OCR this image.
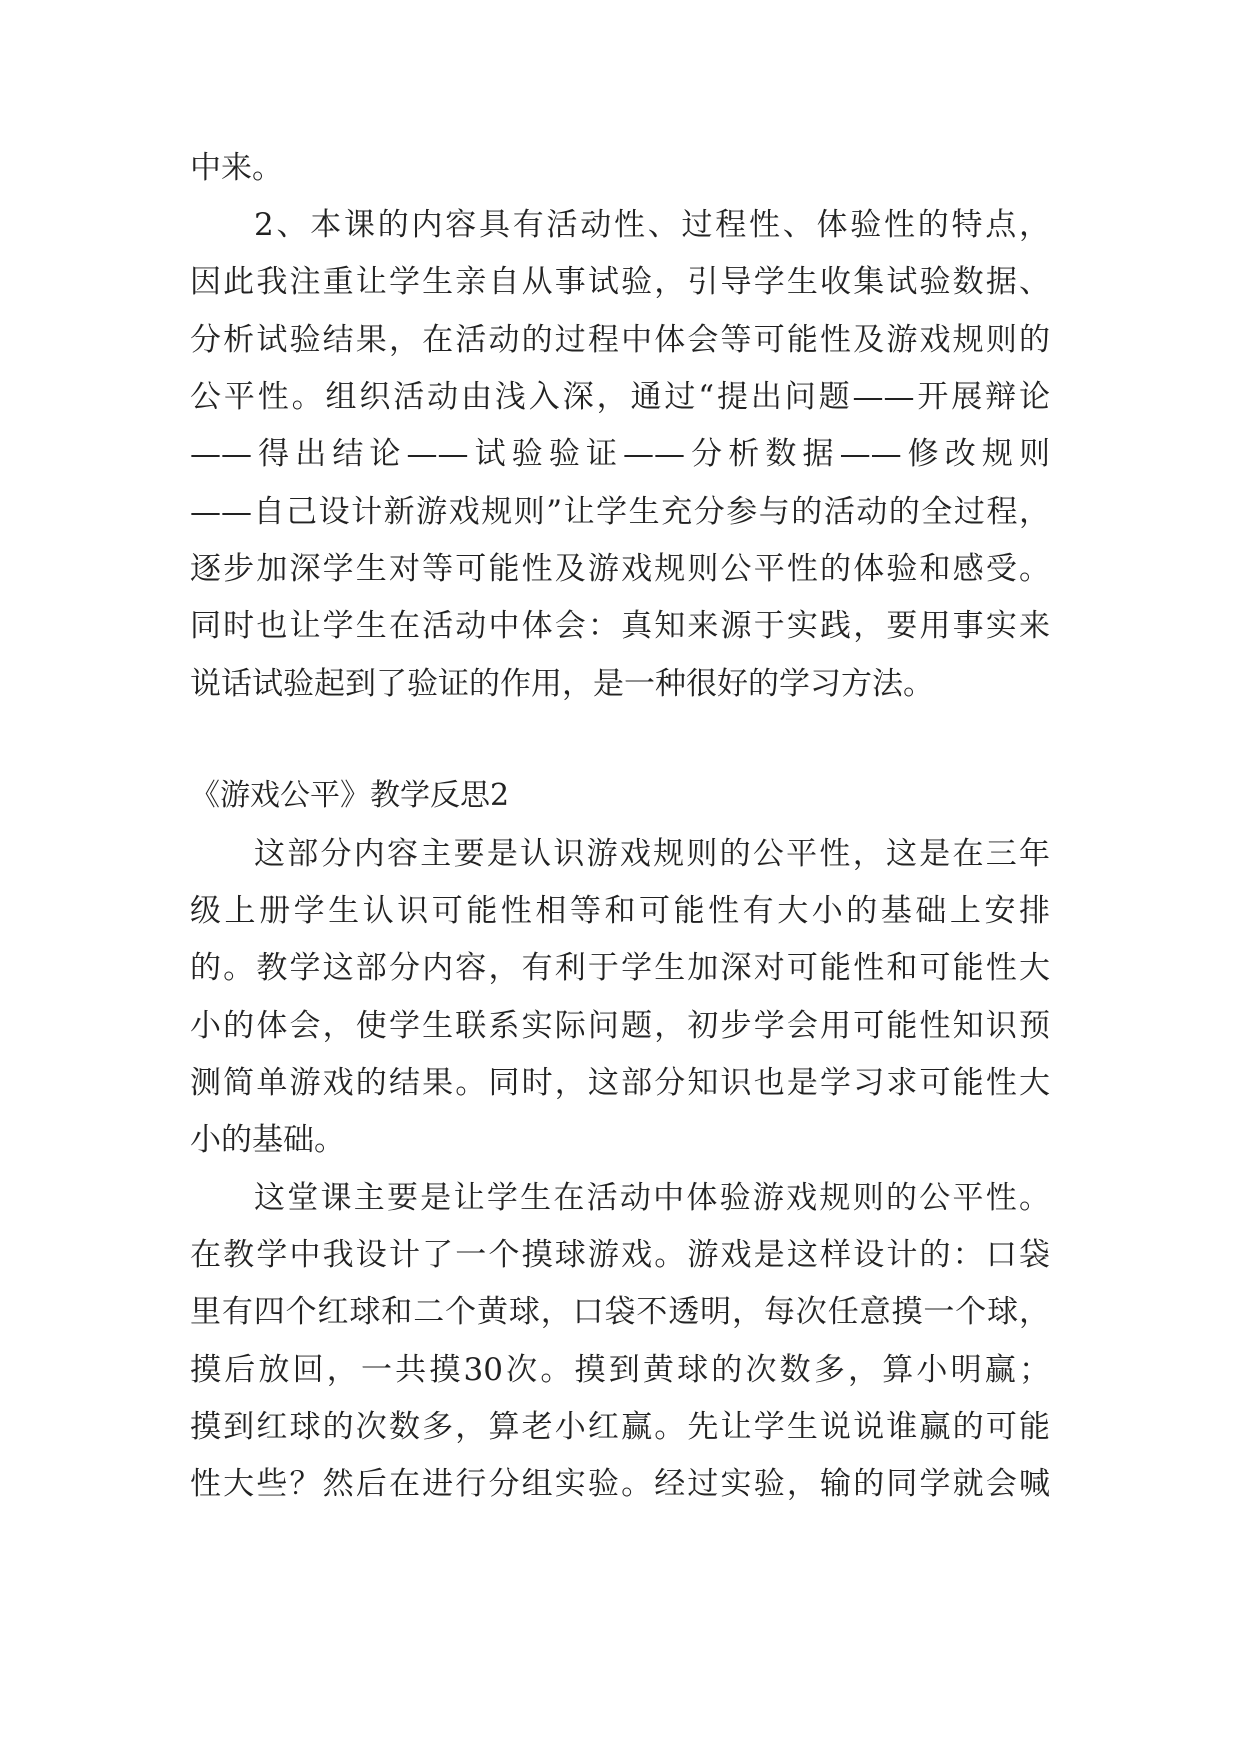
中来。
2、本课的内容具有活动性、过程性、体验性的特点，
因此我注重让学生亲自从事试验，引导学生收集试验数据、
分析试验结果，在活动的过程中体会等可能性及游戏规则的
公平性。组织活动由浅入深，通过“提出问题——开展辩论
——得出结论——试验验证——分析数据——修改规则
——自己设计新游戏规则”让学生充分参与的活动的全过程，
逐步加深学生对等可能性及游戏规则公平性的体验和感受。
同时也让学生在活动中体会：真知来源于实践，要用事实来
说话试验起到了验证的作用，是一种很好的学习方法。
《游戏公平》教学反思2
这部分内容主要是认识游戏规则的公平性，这是在三年
级上册学生认识可能性相等和可能性有大小的基础上安排
的。教学这部分内容，有利于学生加深对可能性和可能性大
小的体会，使学生联系实际问题，初步学会用可能性知识预
测简单游戏的结果。同时，这部分知识也是学习求可能性大
小的基础。
这堂课主要是让学生在活动中体验游戏规则的公平性。
在教学中我设计了一个摸球游戏。游戏是这样设计的：口袋
里有四个红球和二个黄球，口袋不透明，每次任意摸一个球，
摸后放回，一共摸30次。摸到黄球的次数多，算小明赢；
摸到红球的次数多，算老小红赢。先让学生说说谁赢的可能
性大些？然后在进行分组实验。经过实验，输的同学就会喊
